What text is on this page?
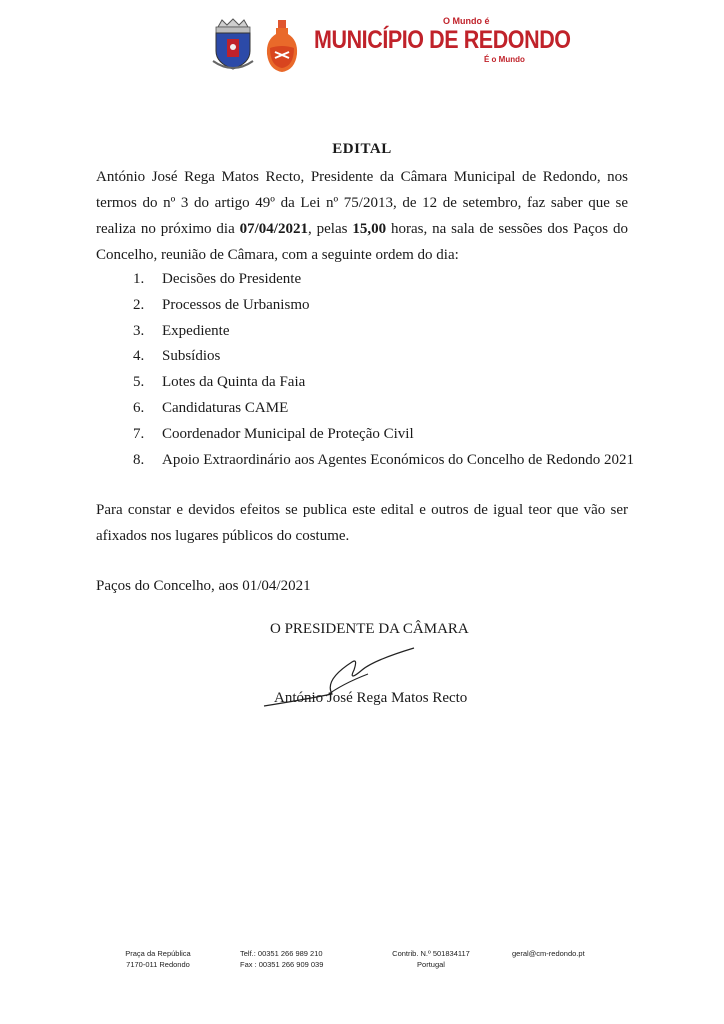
O Mundo é
MUNICÍPIO DE REDONDO
É o Mundo
EDITAL
António José Rega Matos Recto, Presidente da Câmara Municipal de Redondo, nos termos do nº 3 do artigo 49º da Lei nº 75/2013, de 12 de setembro, faz saber que se realiza no próximo dia 07/04/2021, pelas 15,00 horas, na sala de sessões dos Paços do Concelho, reunião de Câmara, com a seguinte ordem do dia:
1. Decisões do Presidente
2. Processos de Urbanismo
3. Expediente
4. Subsídios
5. Lotes da Quinta da Faia
6. Candidaturas CAME
7. Coordenador Municipal de Proteção Civil
8. Apoio Extraordinário aos Agentes Económicos do Concelho de Redondo 2021
Para constar e devidos efeitos se publica este edital e outros de igual teor que vão ser afixados nos lugares públicos do costume.
Paços do Concelho, aos 01/04/2021
O PRESIDENTE DA CÂMARA
António José Rega Matos Recto
Praça da República
7170-011 Redondo
Telf.: 00351 266 989 210
Fax : 00351 266 909 039
Contrib. N.º 501834117
Portugal
geral@cm-redondo.pt
